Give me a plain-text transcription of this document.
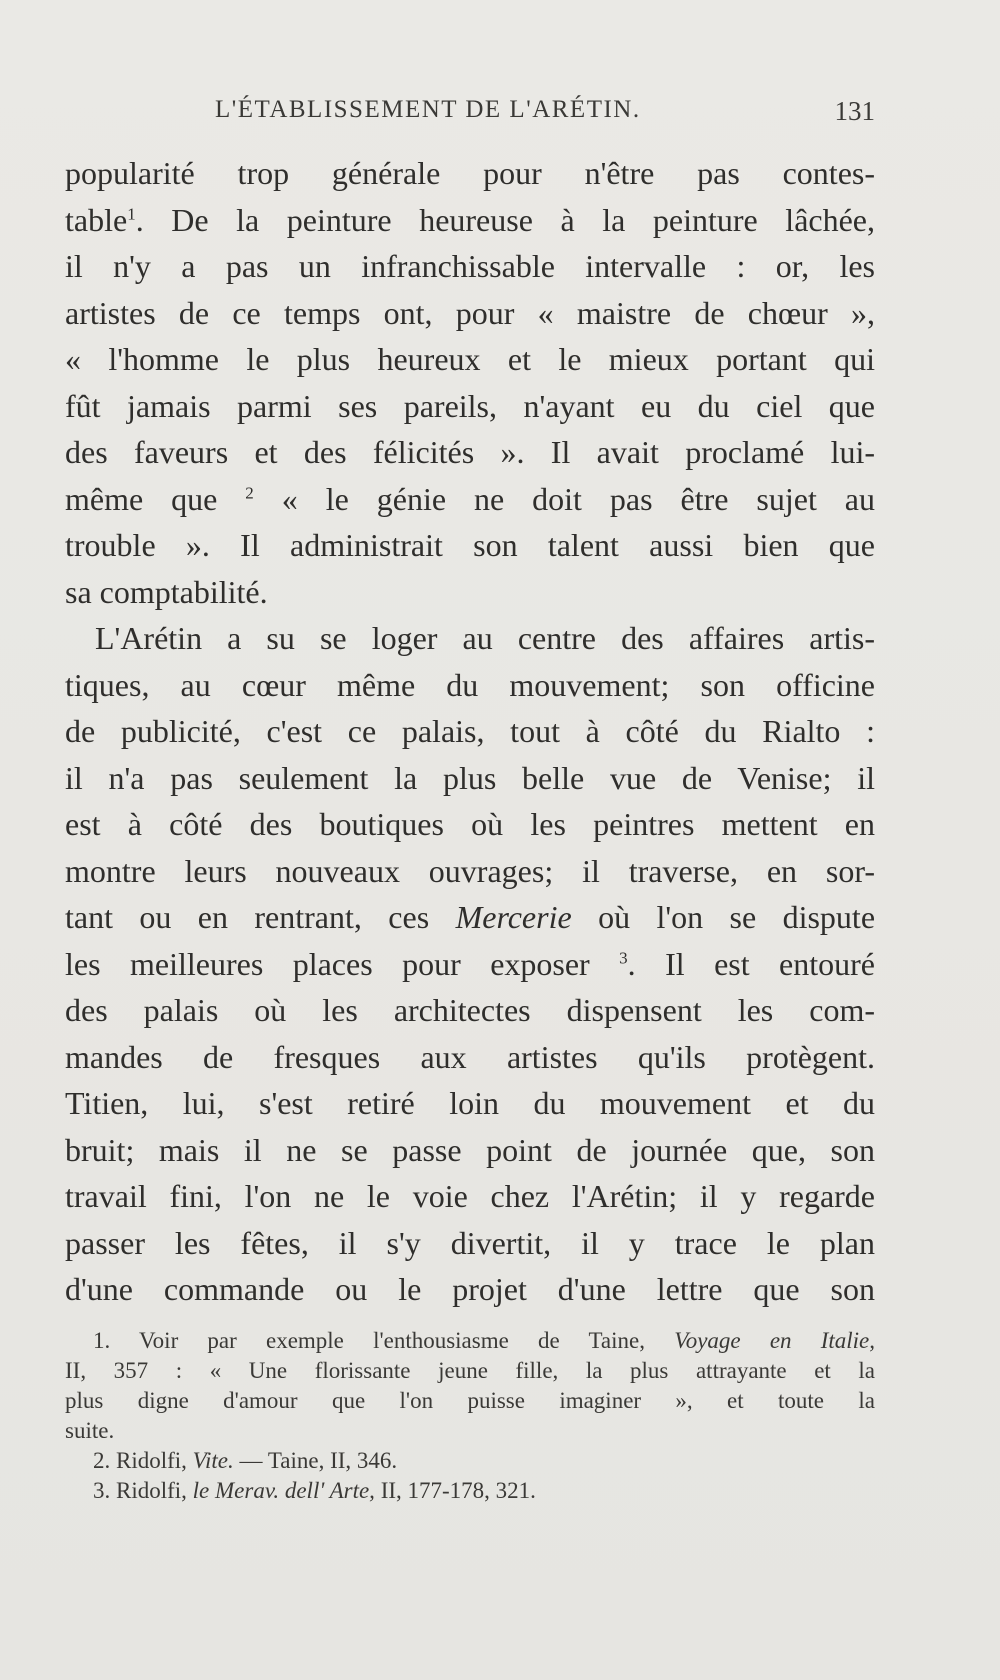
L'ÉTABLISSEMENT DE L'ARÉTIN.	131
popularité trop générale pour n'être pas contes-
table$^1$. De la peinture heureuse à la peinture lâchée,
il n'y a pas un infranchissable intervalle : or, les
artistes de ce temps ont, pour « maistre de chœur »,
« l'homme le plus heureux et le mieux portant qui
fût jamais parmi ses pareils, n'ayant eu du ciel que
des faveurs et des félicités ». Il avait proclamé lui-
même que $^2$ « le génie ne doit pas être sujet au
trouble ». Il administrait son talent aussi bien que
sa comptabilité.
L'Arétin a su se loger au centre des affaires artis-
tiques, au cœur même du mouvement; son officine
de publicité, c'est ce palais, tout à côté du Rialto :
il n'a pas seulement la plus belle vue de Venise; il
est à côté des boutiques où les peintres mettent en
montre leurs nouveaux ouvrages; il traverse, en sor-
tant ou en rentrant, ces Mercerie où l'on se dispute
les meilleures places pour exposer $^3$. Il est entouré
des palais où les architectes dispensent les com-
mandes de fresques aux artistes qu'ils protègent.
Titien, lui, s'est retiré loin du mouvement et du
bruit; mais il ne se passe point de journée que, son
travail fini, l'on ne le voie chez l'Arétin; il y regarde
passer les fêtes, il s'y divertit, il y trace le plan
d'une commande ou le projet d'une lettre que son
1. Voir par exemple l'enthousiasme de Taine, Voyage en Italie,
II, 357 : « Une florissante jeune fille, la plus attrayante et la
plus digne d'amour que l'on puisse imaginer », et toute la
suite.
2. Ridolfi, Vite. — Taine, II, 346.
3. Ridolfi, le Merav. dell' Arte, II, 177-178, 321.
